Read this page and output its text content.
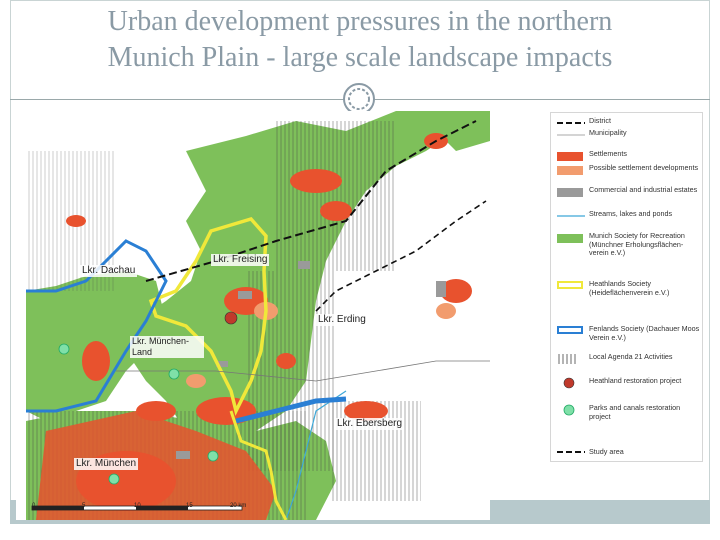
Urban development pressures in the northern
Munich Plain - large scale landscape impacts
Lkr. Dachau
Lkr. Freising
Lkr. Erding
Lkr. München-Land
Lkr. Ebersberg
Lkr. München
0	5	10	15	20 km
District
Municipality
Settlements
Possible settlement developments
Commercial and industrial estates
Streams, lakes and ponds
Munich Society for Recreation (Münchner Erholungsflächen-verein e.V.)
Heathlands Society (Heideflächenverein e.V.)
Fenlands Society (Dachauer Moos Verein e.V.)
Local Agenda 21 Activities
Heathland restoration project
Parks and canals restoration project
Study area
